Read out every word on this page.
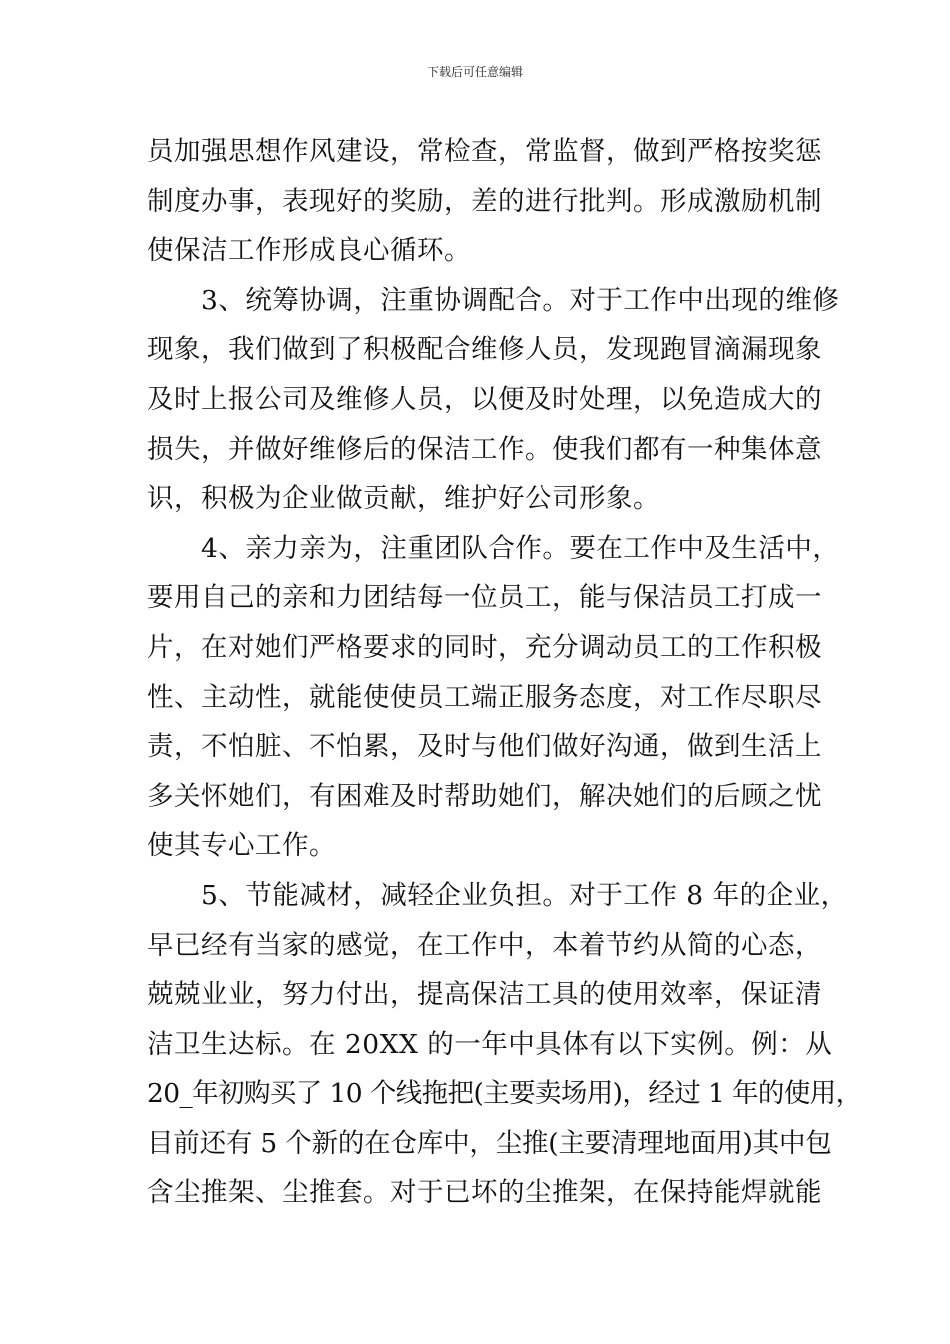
下载后可任意编辑
员加强思想作风建设，常检查，常监督，做到严格按奖惩
制度办事，表现好的奖励，差的进行批判。形成激励机制
使保洁工作形成良心循环。
3、统筹协调，注重协调配合。对于工作中出现的维修
现象，我们做到了积极配合维修人员，发现跑冒滴漏现象
及时上报公司及维修人员，以便及时处理，以免造成大的
损失，并做好维修后的保洁工作。使我们都有一种集体意
识，积极为企业做贡献，维护好公司形象。
4、亲力亲为，注重团队合作。要在工作中及生活中，
要用自己的亲和力团结每一位员工，能与保洁员工打成一
片，在对她们严格要求的同时，充分调动员工的工作积极
性、主动性，就能使使员工端正服务态度，对工作尽职尽
责，不怕脏、不怕累，及时与他们做好沟通，做到生活上
多关怀她们，有困难及时帮助她们，解决她们的后顾之忧
使其专心工作。
5、节能减材，减轻企业负担。对于工作 8 年的企业，
早已经有当家的感觉，在工作中，本着节约从简的心态，
兢兢业业，努力付出，提高保洁工具的使用效率，保证清
洁卫生达标。在 20XX 的一年中具体有以下实例。例：从
20_年初购买了 10 个线拖把(主要卖场用)，经过 1 年的使用，
目前还有 5 个新的在仓库中，尘推(主要清理地面用)其中包
含尘推架、尘推套。对于已坏的尘推架，在保持能焊就能
